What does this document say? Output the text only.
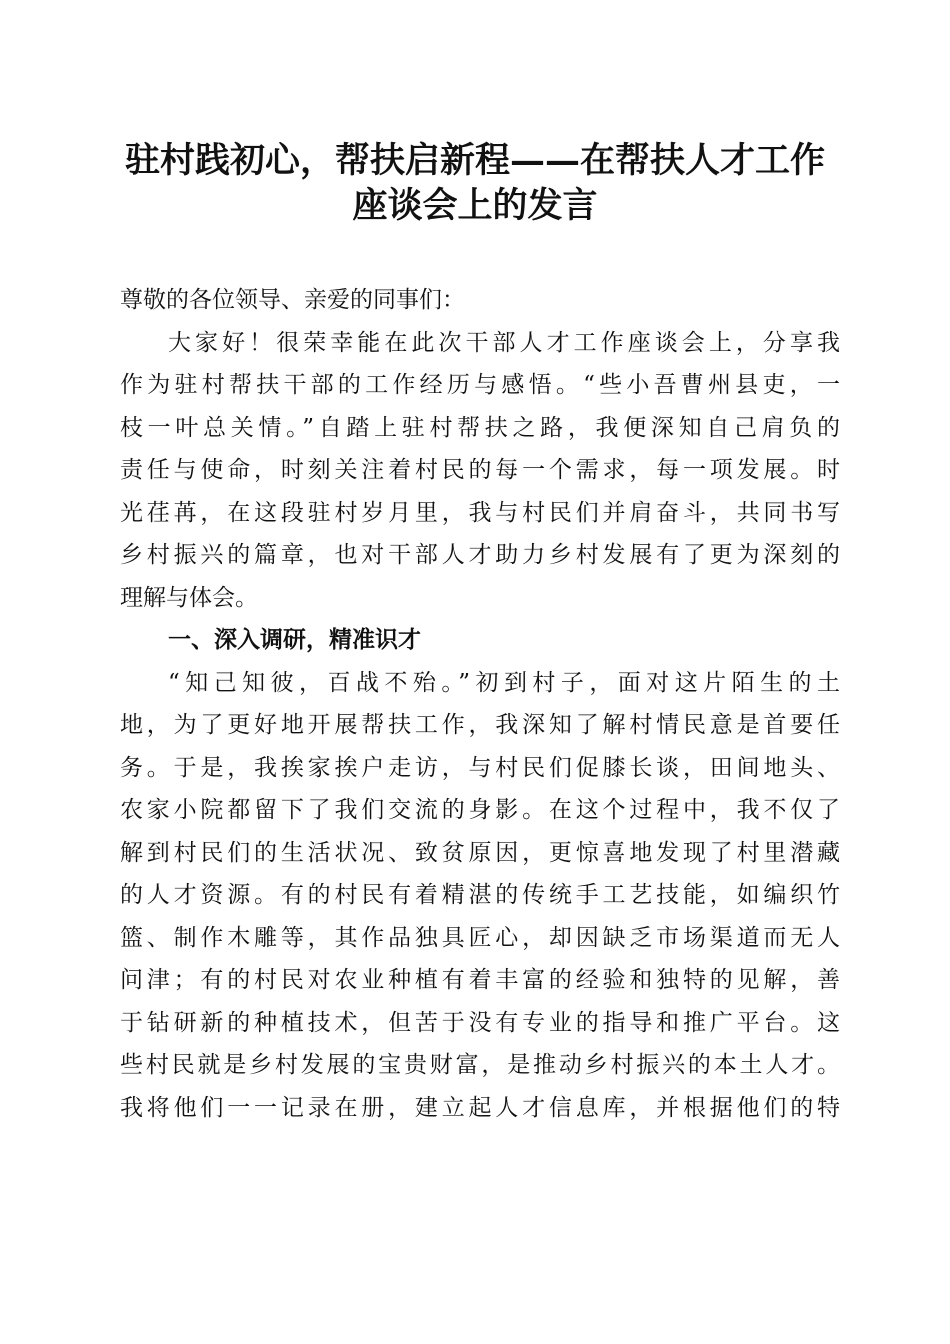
驻村践初心，帮扶启新程——在帮扶人才工作
座谈会上的发言
尊敬的各位领导、亲爱的同事们：
大家好！很荣幸能在此次干部人才工作座谈会上，分享我
作为驻村帮扶干部的工作经历与感悟。“些小吾曹州县吏，一
枝一叶总关情。”自踏上驻村帮扶之路，我便深知自己肩负的
责任与使命，时刻关注着村民的每一个需求，每一项发展。时
光荏苒，在这段驻村岁月里，我与村民们并肩奋斗，共同书写
乡村振兴的篇章，也对干部人才助力乡村发展有了更为深刻的
理解与体会。
一、深入调研，精准识才
“知己知彼，百战不殆。”初到村子，面对这片陌生的土
地，为了更好地开展帮扶工作，我深知了解村情民意是首要任
务。于是，我挨家挨户走访，与村民们促膝长谈，田间地头、
农家小院都留下了我们交流的身影。在这个过程中，我不仅了
解到村民们的生活状况、致贫原因，更惊喜地发现了村里潜藏
的人才资源。有的村民有着精湛的传统手工艺技能，如编织竹
篮、制作木雕等，其作品独具匠心，却因缺乏市场渠道而无人
问津；有的村民对农业种植有着丰富的经验和独特的见解，善
于钻研新的种植技术，但苦于没有专业的指导和推广平台。这
些村民就是乡村发展的宝贵财富，是推动乡村振兴的本土人才。
我将他们一一记录在册，建立起人才信息库，并根据他们的特
